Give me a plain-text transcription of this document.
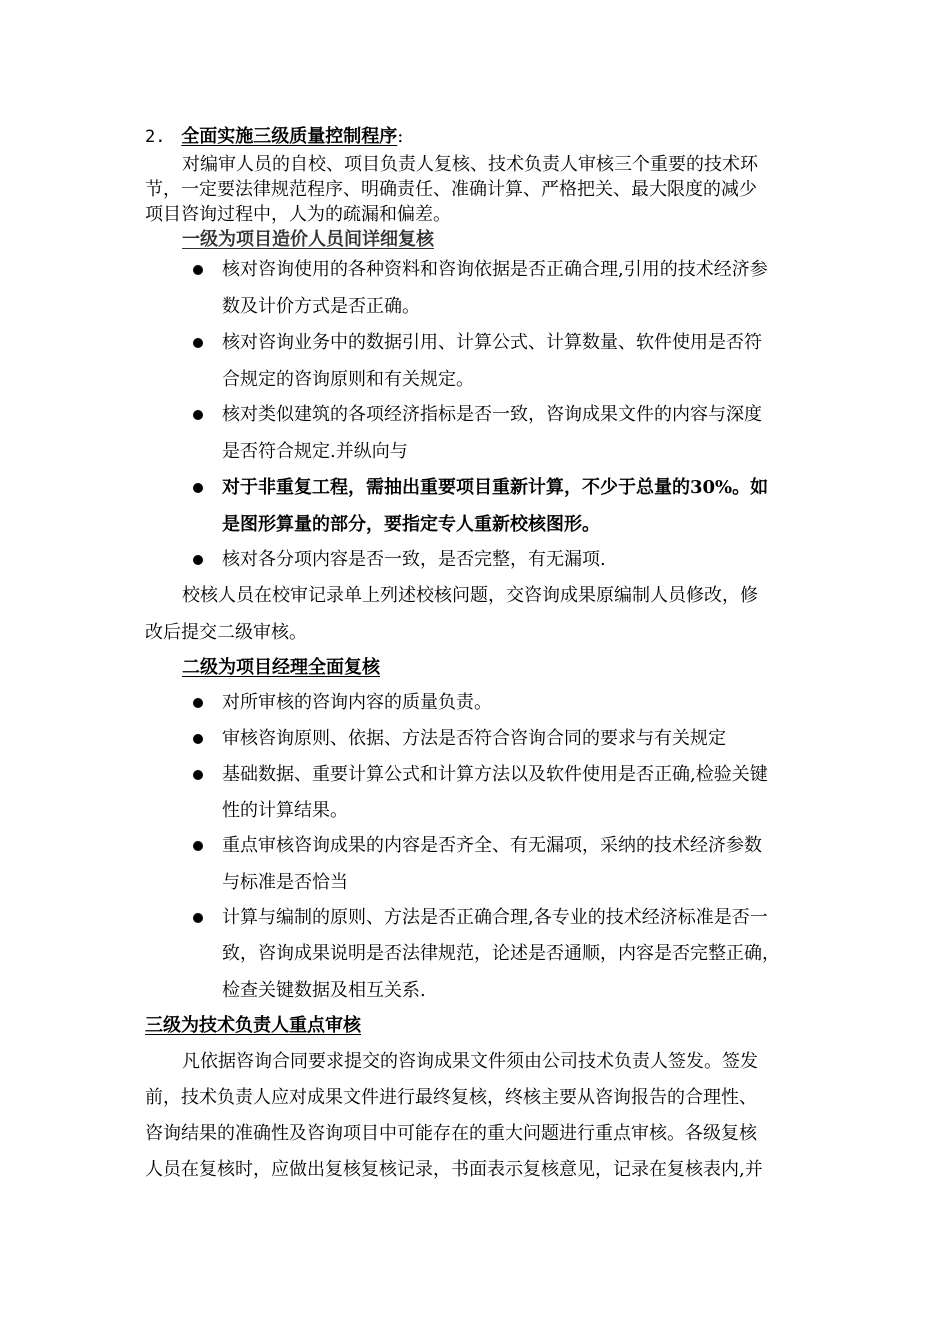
2. 全面实施三级质量控制程序:
对编审人员的自校、项目负责人复核、技术负责人审核三个重要的技术环
节，一定要法律规范程序、明确责任、准确计算、严格把关、最大限度的减少
项目咨询过程中，人为的疏漏和偏差。
一级为项目造价人员间详细复核
核对咨询使用的各种资料和咨询依据是否正确合理,引用的技术经济参
数及计价方式是否正确。
核对咨询业务中的数据引用、计算公式、计算数量、软件使用是否符
合规定的咨询原则和有关规定。
核对类似建筑的各项经济指标是否一致，咨询成果文件的内容与深度
是否符合规定.并纵向与
对于非重复工程，需抽出重要项目重新计算，不少于总量的30%。如
是图形算量的部分，要指定专人重新校核图形。
核对各分项内容是否一致，是否完整，有无漏项.
校核人员在校审记录单上列述校核问题，交咨询成果原编制人员修改，修
改后提交二级审核。
二级为项目经理全面复核
对所审核的咨询内容的质量负责。
审核咨询原则、依据、方法是否符合咨询合同的要求与有关规定
基础数据、重要计算公式和计算方法以及软件使用是否正确,检验关键
性的计算结果。
重点审核咨询成果的内容是否齐全、有无漏项，采纳的技术经济参数
与标准是否恰当
计算与编制的原则、方法是否正确合理,各专业的技术经济标准是否一
致，咨询成果说明是否法律规范，论述是否通顺，内容是否完整正确，
检查关键数据及相互关系.
三级为技术负责人重点审核
凡依据咨询合同要求提交的咨询成果文件须由公司技术负责人签发。签发
前，技术负责人应对成果文件进行最终复核，终核主要从咨询报告的合理性、
咨询结果的准确性及咨询项目中可能存在的重大问题进行重点审核。各级复核
人员在复核时，应做出复核复核记录，书面表示复核意见，记录在复核表内,并
